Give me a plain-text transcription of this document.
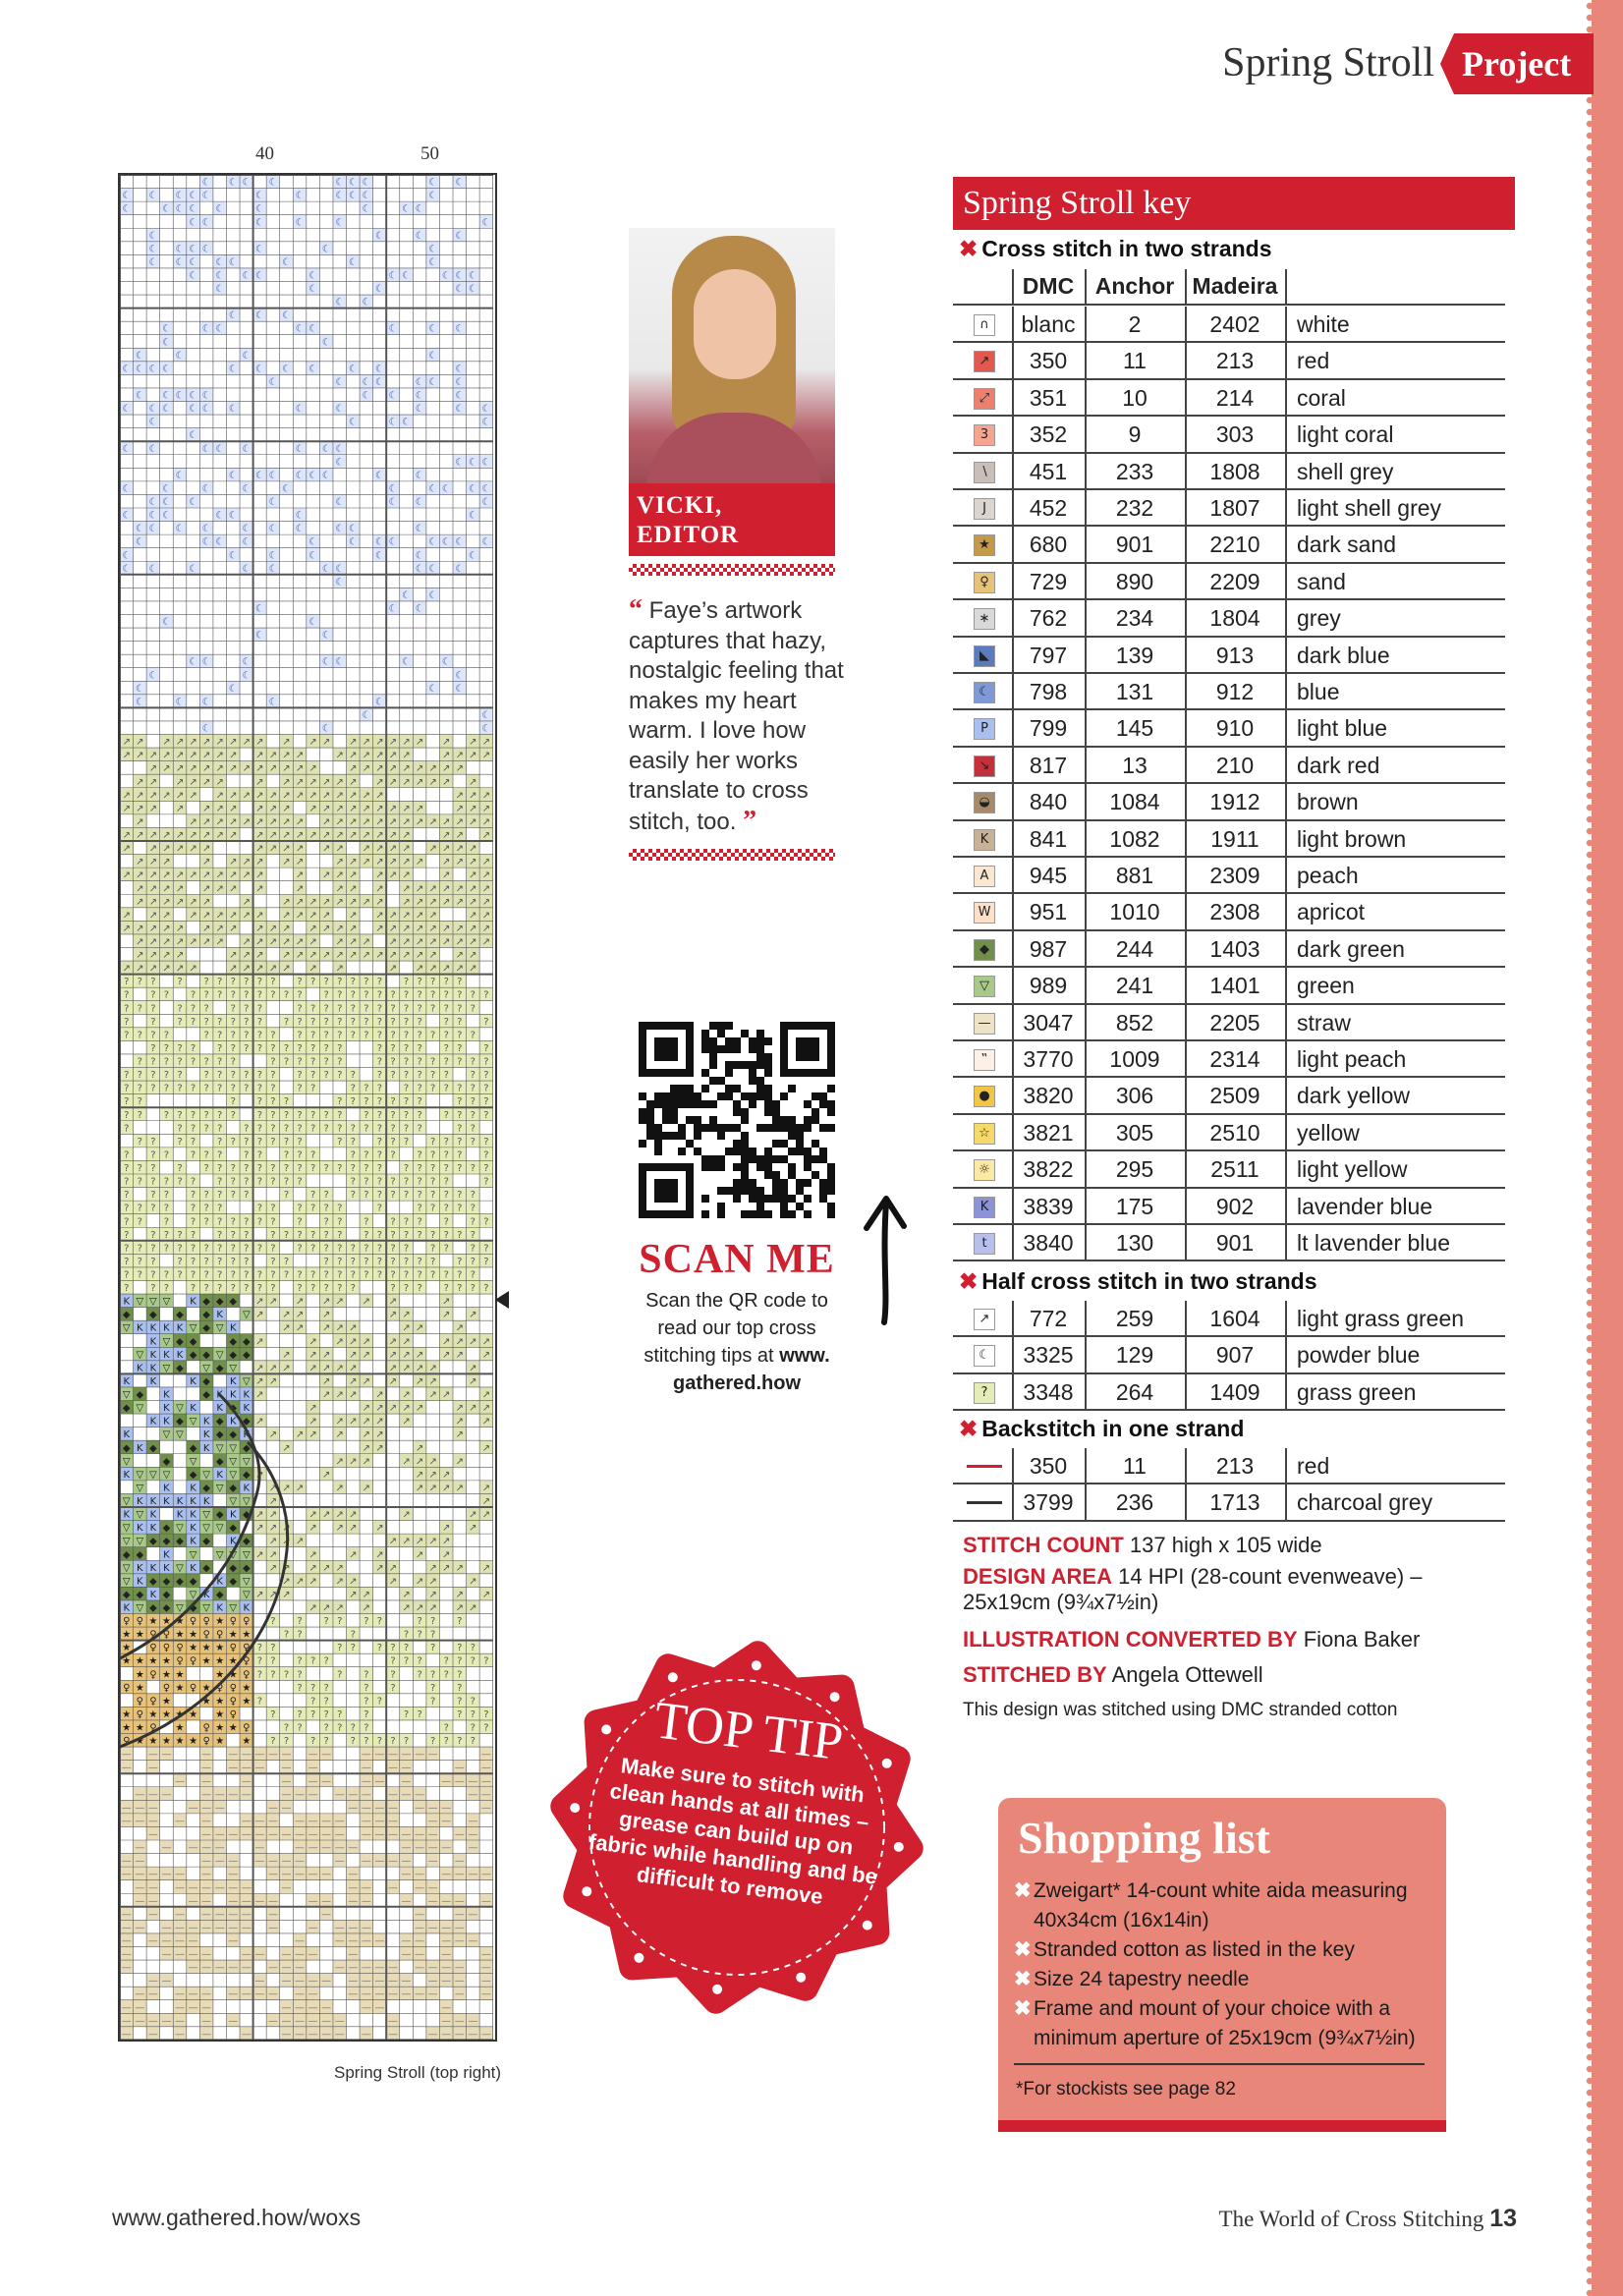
Spring Stroll Project
40	50
☾ ☾ ☾ ☾	☾ ☾ ☾	☾ ☾
☾ ☾ ☾ ☾ ☾	☾	☾	☾ ☾ ☾	☾
☾	☾ ☾ ☾ ☾	☾	☾	☾ ☾
☾ ☾	☾	☾	☾	☾
☾	☾	☾	☾
☾ ☾ ☾ ☾	☾	☾	☾
☾ ☾ ☾ ☾ ☾	☾	☾	☾
☾ ☾ ☾ ☾	☾	☾ ☾	☾ ☾ ☾
☾	☾	☾	☾ ☾
☾ ☾
☾ ☾ ☾
☾	☾ ☾	☾ ☾	☾	☾ ☾
☾	☾
☾	☾	☾	☾
☾ ☾ ☾ ☾	☾ ☾ ☾ ☾	☾ ☾	☾
☾	☾ ☾ ☾	☾ ☾ ☾
☾ ☾ ☾ ☾ ☾	☾ ☾ ☾	☾
☾ ☾ ☾ ☾ ☾ ☾	☾	☾	☾	☾ ☾
☾	☾	☾ ☾	☾
☾
☾ ☾	☾ ☾ ☾	☾ ☾ ☾
☾	☾ ☾ ☾
☾	☾ ☾ ☾ ☾ ☾ ☾	☾	☾
☾	☾	☾	☾	☾	☾	☾ ☾ ☾ ☾
☾ ☾ ☾	☾	☾	☾ ☾	☾
☾ ☾ ☾	☾ ☾	☾	☾
☾ ☾ ☾ ☾	☾ ☾ ☾	☾ ☾	☾
☾	☾ ☾ ☾	☾	☾ ☾ ☾	☾ ☾ ☾ ☾
☾	☾	☾	☾	☾	☾	☾
☾ ☾	☾	☾ ☾	☾ ☾	☾ ☾ ☾
☾
☾ ☾
☾	☾ ☾
☾	☾
☾	☾
☾ ☾	☾	☾ ☾	☾	☾
☾	☾	☾
☾	☾	☾ ☾
☾	☾ ☾	☾	☾
☾	☾
☾	☾	☾
↗ ↗ ↗ ↗ ↗ ↗ ↗ ↗ ↗ ↗ ↗ ↗ ↗ ↗ ↗ ↗ ↗ ↗ ↗ ↗ ↗ ↗
↗ ↗ ↗ ↗ ↗ ↗ ↗ ↗ ↗ ↗ ↗ ↗ ↗	↗ ↗ ↗ ↗ ↗ ↗	↗ ↗ ↗ ↗
↗ ↗ ↗ ↗ ↗ ↗ ↗ ↗ ↗ ↗ ↗ ↗ ↗	↗ ↗ ↗ ↗ ↗ ↗ ↗ ↗ ↗
↗ ↗ ↗ ↗ ↗ ↗	↗ ↗ ↗ ↗ ↗ ↗ ↗ ↗ ↗ ↗ ↗ ↗ ↗ ↗
↗ ↗ ↗ ↗ ↗ ↗ ↗ ↗ ↗ ↗ ↗ ↗ ↗ ↗ ↗ ↗ ↗ ↗ ↗	↗ ↗ ↗
↗ ↗ ↗ ↗ ↗ ↗ ↗ ↗ ↗ ↗ ↗ ↗ ↗ ↗ ↗ ↗ ↗ ↗ ↗	↗ ↗ ↗
↗	↗ ↗ ↗ ↗ ↗ ↗ ↗ ↗ ↗ ↗ ↗ ↗ ↗ ↗ ↗ ↗ ↗ ↗ ↗ ↗ ↗ ↗
↗ ↗ ↗ ↗ ↗ ↗ ↗ ↗ ↗ ↗ ↗ ↗ ↗ ↗ ↗ ↗ ↗ ↗ ↗ ↗ ↗	↗ ↗ ↗
↗ ↗ ↗ ↗ ↗ ↗	↗ ↗ ↗ ↗ ↗ ↗ ↗ ↗ ↗ ↗ ↗ ↗ ↗ ↗
↗ ↗ ↗	↗ ↗ ↗ ↗ ↗ ↗	↗ ↗ ↗ ↗ ↗ ↗ ↗ ↗ ↗ ↗ ↗
↗ ↗ ↗ ↗ ↗ ↗ ↗ ↗ ↗ ↗ ↗	↗ ↗ ↗ ↗ ↗ ↗ ↗	↗ ↗ ↗
↗ ↗ ↗ ↗ ↗ ↗ ↗ ↗	↗	↗ ↗ ↗ ↗ ↗ ↗ ↗ ↗ ↗ ↗
↗ ↗ ↗ ↗ ↗ ↗	↗	↗ ↗ ↗ ↗ ↗ ↗ ↗ ↗ ↗ ↗ ↗ ↗ ↗ ↗ ↗
↗ ↗ ↗ ↗ ↗ ↗ ↗ ↗ ↗ ↗ ↗ ↗ ↗ ↗ ↗ ↗ ↗ ↗ ↗	↗ ↗
↗ ↗ ↗ ↗ ↗ ↗ ↗ ↗ ↗ ↗ ↗ ↗ ↗ ↗ ↗ ↗ ↗ ↗ ↗ ↗ ↗ ↗ ↗ ↗
↗ ↗ ↗ ↗ ↗ ↗ ↗ ↗ ↗ ↗ ↗ ↗ ↗ ↗ ↗ ↗ ↗ ↗ ↗ ↗ ↗ ↗ ↗ ↗
↗ ↗ ↗ ↗	↗ ↗ ↗ ↗ ↗ ↗ ↗ ↗ ↗ ↗ ↗ ↗ ↗ ↗ ↗ ↗ ↗
↗ ↗ ↗ ↗ ↗ ↗	↗ ↗ ↗ ↗ ↗ ↗ ↗	↗ ↗ ↗ ↗ ↗ ↗
? ? ? ? ? ? ? ? ? ? ? ? ? ? ? ? ? ? ? ? ? ?
? ? ? ? ? ? ? ? ? ? ? ? ? ? ? ? ? ? ? ? ? ? ? ? ?
? ? ? ? ? ? ? ? ?	? ? ? ? ? ? ? ? ? ? ? ? ? ?
? ? ? ? ? ? ? ? ? ? ? ? ? ? ? ? ? ? ? ? ? ? ?
? ? ? ?	? ? ? ? ? ? ? ? ? ? ? ? ? ? ? ? ? ? ? ?
? ? ? ? ? ? ? ? ? ? ? ? ? ?	? ? ? ? ? ? ?
? ? ? ? ? ? ? ?	? ? ? ? ? ?	? ? ? ? ? ? ? ? ?
? ? ? ? ? ? ? ? ? ? ? ? ? ? ? ? ? ? ? ? ? ? ? ?
? ? ? ? ? ? ? ? ? ? ? ? ? ?	? ? ? ? ? ? ? ? ? ?
? ?	? ? ? ?	? ? ? ? ? ? ?	? ? ?
? ? ? ? ? ? ? ? ? ? ? ? ? ? ? ? ? ? ? ? ? ? ? ?
?	? ? ? ? ? ? ? ? ? ? ? ? ? ? ? ? ? ?	? ?
? ? ? ? ? ? ? ? ? ? ?	? ? ? ? ? ? ? ? ? ?
? ? ? ? ? ? ? ? ? ? ?	? ? ? ? ? ? ? ? ?
? ? ? ? ? ? ? ? ? ? ? ? ? ? ? ? ? ? ? ? ? ? ? ? ?
? ? ? ? ? ? ? ? ? ? ? ? ?	? ? ? ? ? ? ? ?	?
? ? ? ? ? ? ? ?	? ? ? ? ? ? ? ? ? ? ? ? ?
? ? ? ? ? ? ?	? ? ? ? ? ?	?	? ? ? ? ?
? ? ? ? ? ? ? ? ? ? ? ? ? ? ? ? ? ? ? ?
? ? ? ? ? ? ? ? ? ? ? ? ? ? ? ? ? ? ? ? ? ? ?
? ? ? ? ? ? ? ? ? ? ? ? ? ? ? ? ? ? ? ? ? ? ? ? ?
? ? ? ? ? ? ? ? ? ? ?	? ? ? ? ? ? ? ? ? ? ? ?
? ? ? ? ? ? ? ? ? ? ? ? ? ? ? ? ? ? ? ? ? ? ? ? ? ? ?
? ? ? ? ? ? ? ? ? ? ? ? ? ? ?	? ? ? ? ? ? ?
K ▽ ▽ ▽ K ◆ ◆ ◆ ↗ ↗ ↗ ↗ ↗ ↗ ↗	↗
◆ ◆ ◆ ◆ K ▽ ↗ ↗ ↗ ↗	↗ ↗	↗ ↗
▽ K K K K ▽ ◆ ▽ K	↗ ↗ ↗ ↗ ↗	↗ ↗	↗
K ▽ ◆ ◆	◆ ◆ ↗	↗ ↗ ↗ ↗ ↗ ↗	↗ ↗ ↗ ↗
▽ K K K ◆ ◆ ▽ ◆ ◆	↗ ↗ ↗ ↗ ↗ ↗ ↗ ↗ ↗ ↗ ↗
K K ▽ ◆ ▽ ◆ ▽ ↗ ↗ ↗ ↗ ↗ ↗ ↗	↗ ↗ ↗ ↗	↗
K K	K ◆ K ▽ ↗ ↗	↗ ↗ ↗ ↗ ↗ ↗	↗
▽ ◆ K	◆ K K K ↗	↗ ↗ ↗ ↗ ↗ ↗ ↗	↗
◆ ▽ K ▽ K K ◆ K	↗	↗ ↗ ↗ ↗ ↗	↗ ↗ ↗
K K ◆ ▽ K ◆ K ◆ ↗	↗ ↗ ↗ ↗ ↗ ↗	↗ ↗
K	▽ ▽ K ◆ ◆ K ↗ ↗ ↗ ↗ ↗ ↗	↗
◆ K ◆	◆ K ▽ ▽ ◆	↗	↗ ↗	↗	↗
▽	◆ ▽ ◆ ▽ ▽	↗ ↗ ↗	↗ ↗ ↗ ↗
K ▽ ▽ ▽ ◆ ▽ K ▽ ◆ ↗	↗	↗ ↗ ↗
▽ K K ◆ ▽ ◆ K ↗ ↗ ↗	↗ ↗	↗ ↗ ↗ ↗ ↗
▽ K K K K K K ▽ ▽ ↗	↗
K ▽ K K K ▽ ◆ K ◆ ↗ ↗	↗ ↗ ↗ ↗	↗	↗ ↗
▽ K K ◆ ▽ K ▽ ▽ ◆ ↗ ↗ ↗ ↗ ↗ ↗ ↗	↗ ↗
▽ ▽ ◆ ◆ ◆ K ◆ K ◆ ↗ ↗ ↗	↗ ↗ ↗ ↗ ↗
◆ ◆ K ▽ ▽ ▽ ▽ ↗ ↗	↗	↗ ↗	↗ ↗
▽ K K K ▽ K ◆ ◆ ◆ ↗ ↗ ↗ ↗ ↗	↗ ↗	↗ ↗ ↗ ↗
▽ K ◆ ◆ ◆ ◆ K ◆ ▽	↗ ↗ ↗ ↗ ↗	↗ ↗ ↗	↗
◆ ◆ K ◆ ▽ K ◆ ▽ ↗ ↗ ↗	↗ ↗	↗ ↗ ↗ ↗
K ▽ ◆ ◆ ▽ ◆ ▽ K ▽ K	↗ ↗ ↗ ↗	↗ ↗ ↗ ↗ ↗
♀ ♀ ★ ★ ★ ♀ ♀ ★ ♀ ♀ ? ? ? ? ? ?	? ? ?
★ ★ ♀ ♀ ★ ★ ♀ ♀ ★ ★	? ?	?	? ? ?
★ ♀ ♀ ♀ ★ ★ ★ ♀ ♀ ? ?	? ? ? ? ? ? ? ?
★ ★ ★ ★ ♀ ♀ ★ ★ ★ ♀ ? ? ? ? ?	? ? ? ? ? ? ?
★ ♀ ★ ★	★ ★ ♀ ? ? ? ?	? ? ? ? ? ? ?
♀ ★ ♀ ★ ♀ ★ ♀ ♀ ★	? ? ?	? ?	? ?
♀ ♀ ★	★ ★ ♀ ★ ?	? ?	? ?	? ? ?
★ ♀ ★ ★ ★ ★ ★ ♀	? ? ? ? ? ?	? ?	? ? ?
★ ★ ♀ ★ ♀ ★ ★ ♀	? ? ? ? ? ?	? ? ?
♀ ★ ★ ★ ★ ★ ♀ ★ ★ ? ? ? ? ? ? ? ? ? ? ? ? ?
— — —	— — — — — — — —	— — — — — —	—
— —	— — — — — —	— — —	— —
— —	—	— — —	— — —	— — — —
— — —	— — — —	— — — — — — — — —	— —
— — —	— — —	— —	— — — — — — —	—
— — — — —	— — — — — — — — — —	— — —
—	— — — — — — — — — — — — — — — — — — —
— — — — —	—	— — — — —	— — — — —
— —	— — — — — — —	— — — — — — —
— — — — — — —	— — — — — —	— — — — — —
— — — — — — — —	—	— — — — —
— —	— — — — — —	— — — —	— — — — —
— — — — — — — —	—	—	— —
— — — — — — — — — —	— — — —	— — — —
— — — — —	—	—	— — — — — — — — —
—	— — — —	— — — — —	—	— — —	—
—	— — — — — — — —	— — — — — — — — — —
— —	— — — — — — — — — — — — — —
— — — — — — — — — — —	— — — — — — — — —
— —	— — —	— — — —	— —	—
— — — — — — —	— — — — — —	—	— — —
— — — —	—	— — — — — — —	— — — — —
Spring Stroll (top right)
VICKI,
EDITOR
“ Faye’s artwork captures that hazy, nostalgic feeling that makes my heart warm. I love how easily her works translate to cross stitch, too. ”
SCAN ME
Scan the QR code to read our top cross stitching tips at www.
gathered.how
TOP TIP
Make sure to stitch with clean hands at all times – grease can build up on fabric while handling and be difficult to remove
Spring Stroll key
✖ Cross stitch in two strands
DMC Anchor Madeira
∩	blanc	2	2402	white
↗	350	11	213	red
⤢	351	10	214	coral
3	352	9	303	light coral
∖	451	233	1808	shell grey
J	452	232	1807	light shell grey
★	680	901	2210	dark sand
♀	729	890	2209	sand
∗	762	234	1804	grey
◣	797	139	913	dark blue
☾	798	131	912	blue
P	799	145	910	light blue
↘	817	13	210	dark red
◒	840	1084	1912	brown
K	841	1082	1911	light brown
A	945	881	2309	peach
W	951	1010	2308	apricot
◆	987	244	1403	dark green
▽	989	241	1401	green
—	3047	852	2205	straw
‟	3770	1009	2314	light peach
●	3820	306	2509	dark yellow
☆	3821	305	2510	yellow
☼	3822	295	2511	light yellow
K	3839	175	902	lavender blue
t	3840	130	901	lt lavender blue
✖ Half cross stitch in two strands
↗	772	259	1604	light grass green
☾	3325	129	907	powder blue
?	3348	264	1409	grass green
✖ Backstitch in one strand
350	11	213	red
3799	236	1713	charcoal grey
STITCH COUNT 137 high x 105 wide
DESIGN AREA 14 HPI (28-count evenweave) –
25x19cm (9¾x7½in)
ILLUSTRATION CONVERTED BY Fiona Baker
STITCHED BY Angela Ottewell
This design was stitched using DMC stranded cotton
Shopping list
✖ Zweigart* 14-count white aida measuring 40x34cm (16x14in)
✖ Stranded cotton as listed in the key
✖ Size 24 tapestry needle
✖ Frame and mount of your choice with a minimum aperture of 25x19cm (9¾x7½in)
*For stockists see page 82
www.gathered.how/woxs	The World of Cross Stitching 13
